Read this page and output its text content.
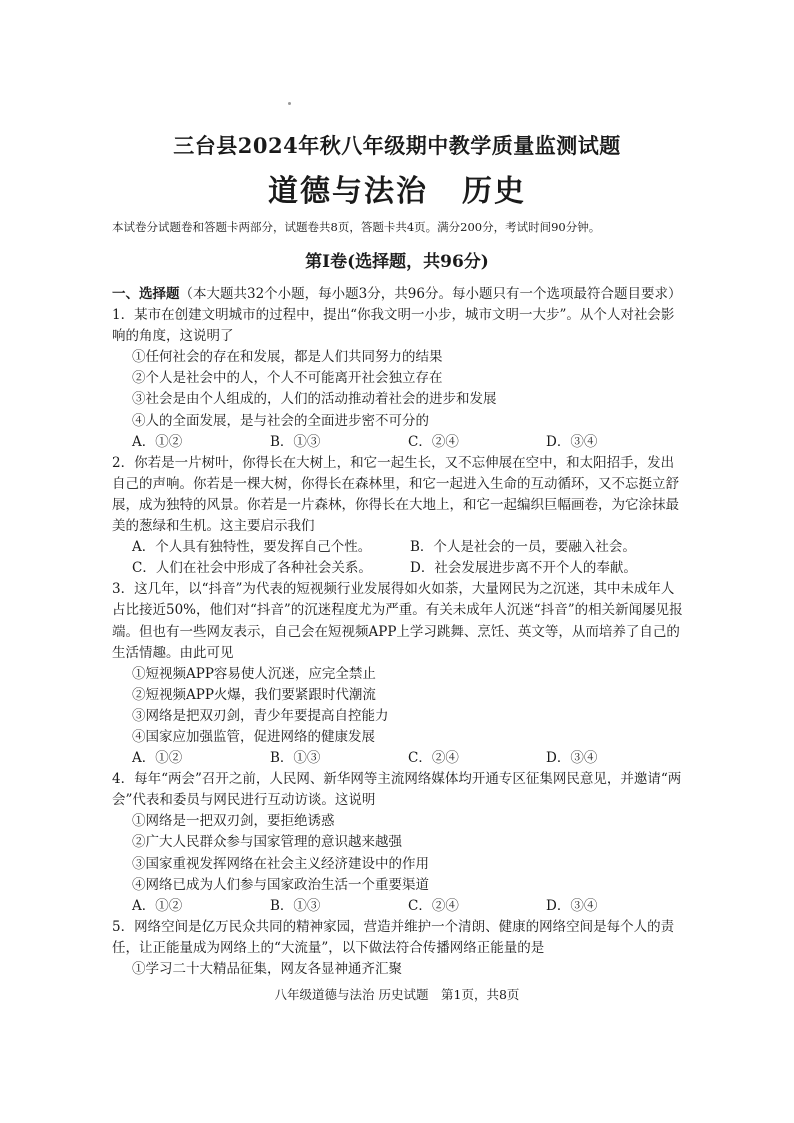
三台县2024年秋八年级期中教学质量监测试题
道德与法治 历史
本试卷分试题卷和答题卡两部分，试题卷共8页，答题卡共4页。满分200分，考试时间90分钟。
第Ⅰ卷(选择题，共96分)
一、选择题（本大题共32个小题，每小题3分，共96分。每小题只有一个选项最符合题目要求）
1．某市在创建文明城市的过程中，提出“你我文明一小步，城市文明一大步”。从个人对社会影
响的角度，这说明了
①任何社会的存在和发展，都是人们共同努力的结果
②个人是社会中的人，个人不可能离开社会独立存在
③社会是由个人组成的，人们的活动推动着社会的进步和发展
④人的全面发展，是与社会的全面进步密不可分的
A．①②	B．①③	C．②④	D．③④
2．你若是一片树叶，你得长在大树上，和它一起生长，又不忘伸展在空中，和太阳招手，发出
自己的声响。你若是一棵大树，你得长在森林里，和它一起进入生命的互动循环，又不忘挺立舒
展，成为独特的风景。你若是一片森林，你得长在大地上，和它一起编织巨幅画卷，为它涂抹最
美的葱绿和生机。这主要启示我们
A．个人具有独特性，要发挥自己个性。	B．个人是社会的一员，要融入社会。
C．人们在社会中形成了各种社会关系。	D．社会发展进步离不开个人的奉献。
3．这几年，以“抖音”为代表的短视频行业发展得如火如荼，大量网民为之沉迷，其中未成年人
占比接近50%，他们对“抖音”的沉迷程度尤为严重。有关未成年人沉迷“抖音”的相关新闻屡见报
端。但也有一些网友表示，自己会在短视频APP上学习跳舞、烹饪、英文等，从而培养了自己的
生活情趣。由此可见
①短视频APP容易使人沉迷，应完全禁止
②短视频APP火爆，我们要紧跟时代潮流
③网络是把双刃剑，青少年要提高自控能力
④国家应加强监管，促进网络的健康发展
A．①②	B．①③	C．②④	D．③④
4．每年“两会”召开之前，人民网、新华网等主流网络媒体均开通专区征集网民意见，并邀请“两
会”代表和委员与网民进行互动访谈。这说明
①网络是一把双刃剑，要拒绝诱惑
②广大人民群众参与国家管理的意识越来越强
③国家重视发挥网络在社会主义经济建设中的作用
④网络已成为人们参与国家政治生活一个重要渠道
A．①②	B．①③	C．②④	D．③④
5．网络空间是亿万民众共同的精神家园，营造并维护一个清朗、健康的网络空间是每个人的责
任，让正能量成为网络上的“大流量”，以下做法符合传播网络正能量的是
①学习二十大精品征集，网友各显神通齐汇聚
八年级道德与法治 历史试题　第1页，共8页
